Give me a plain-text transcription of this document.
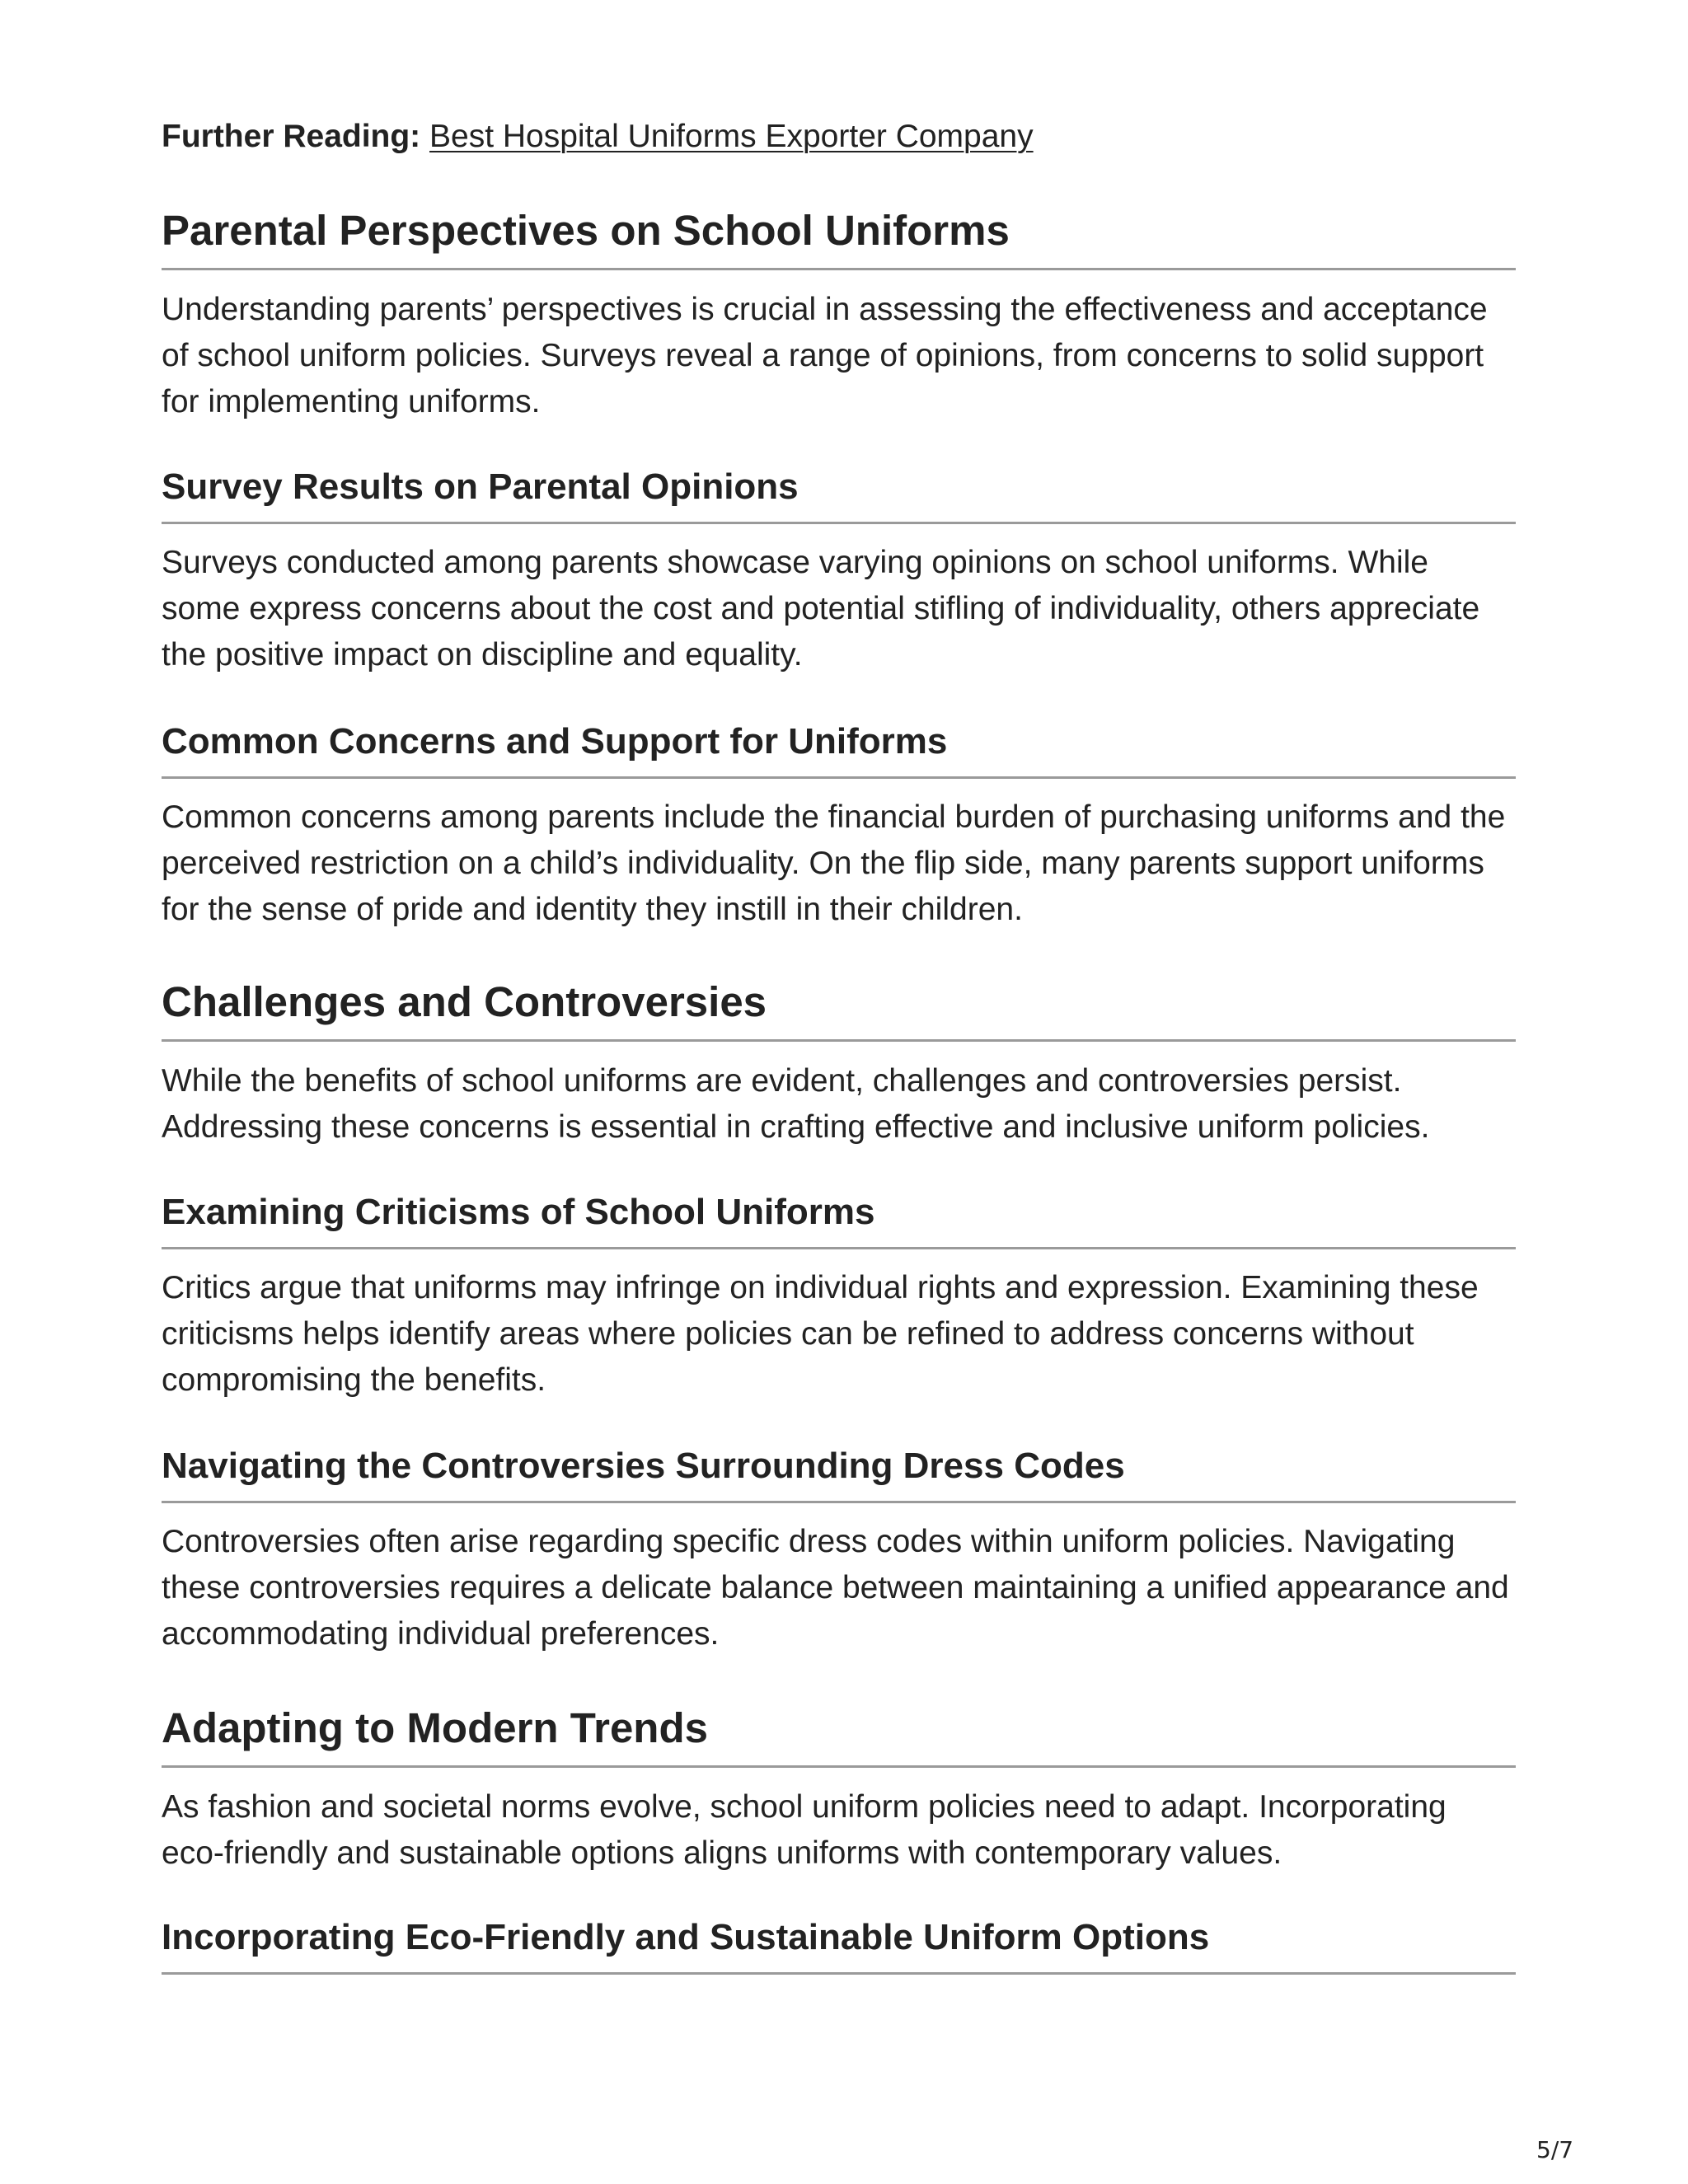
Further Reading: Best Hospital Uniforms Exporter Company
Parental Perspectives on School Uniforms

Understanding parents’ perspectives is crucial in assessing the effectiveness and acceptance of school uniform policies. Surveys reveal a range of opinions, from concerns to solid support for implementing uniforms.

Survey Results on Parental Opinions

Surveys conducted among parents showcase varying opinions on school uniforms. While some express concerns about the cost and potential stifling of individuality, others appreciate the positive impact on discipline and equality.

Common Concerns and Support for Uniforms

Common concerns among parents include the financial burden of purchasing uniforms and the perceived restriction on a child’s individuality. On the flip side, many parents support uniforms for the sense of pride and identity they instill in their children.

Challenges and Controversies

While the benefits of school uniforms are evident, challenges and controversies persist. Addressing these concerns is essential in crafting effective and inclusive uniform policies.

Examining Criticisms of School Uniforms

Critics argue that uniforms may infringe on individual rights and expression. Examining these criticisms helps identify areas where policies can be refined to address concerns without compromising the benefits.

Navigating the Controversies Surrounding Dress Codes

Controversies often arise regarding specific dress codes within uniform policies. Navigating these controversies requires a delicate balance between maintaining a unified appearance and accommodating individual preferences.

Adapting to Modern Trends

As fashion and societal norms evolve, school uniform policies need to adapt. Incorporating eco-friendly and sustainable options aligns uniforms with contemporary values.

Incorporating Eco-Friendly and Sustainable Uniform Options
5/7
